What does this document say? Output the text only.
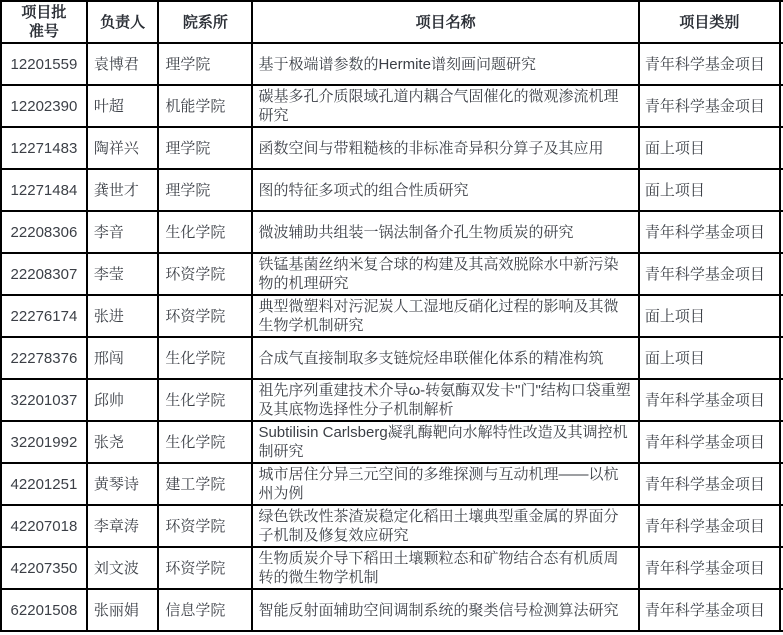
项目批准号	负责人	院系所	项目名称	项目类别	
12201559	袁博君	理学院	基于极端谱参数的Hermite谱刻画问题研究	青年科学基金项目	
12202390	叶超	机能学院	碳基多孔介质限域孔道内耦合气固催化的微观渗流机理研究	青年科学基金项目	
12271483	陶祥兴	理学院	函数空间与带粗糙核的非标准奇异积分算子及其应用	面上项目	
12271484	龚世才	理学院	图的特征多项式的组合性质研究	面上项目	
22208306	李音	生化学院	微波辅助共组装一锅法制备介孔生物质炭的研究	青年科学基金项目	
22208307	李莹	环资学院	铁锰基菌丝纳米复合球的构建及其高效脱除水中新污染物的机理研究	青年科学基金项目	
22276174	张进	环资学院	典型微塑料对污泥炭人工湿地反硝化过程的影响及其微生物学机制研究	面上项目	
22278376	邢闯	生化学院	合成气直接制取多支链烷烃串联催化体系的精准构筑	面上项目	
32201037	邱帅	生化学院	祖先序列重建技术介导ω-转氨酶双发卡"门"结构口袋重塑及其底物选择性分子机制解析	青年科学基金项目	
32201992	张尧	生化学院	Subtilisin Carlsberg凝乳酶靶向水解特性改造及其调控机制研究	青年科学基金项目	
42201251	黄琴诗	建工学院	城市居住分异三元空间的多维探测与互动机理——以杭州为例	青年科学基金项目	
42207018	李章涛	环资学院	绿色铁改性茶渣炭稳定化稻田土壤典型重金属的界面分子机制及修复效应研究	青年科学基金项目	
42207350	刘文波	环资学院	生物质炭介导下稻田土壤颗粒态和矿物结合态有机质周转的微生物学机制	青年科学基金项目	
62201508	张丽娟	信息学院	智能反射面辅助空间调制系统的聚类信号检测算法研究	青年科学基金项目	
